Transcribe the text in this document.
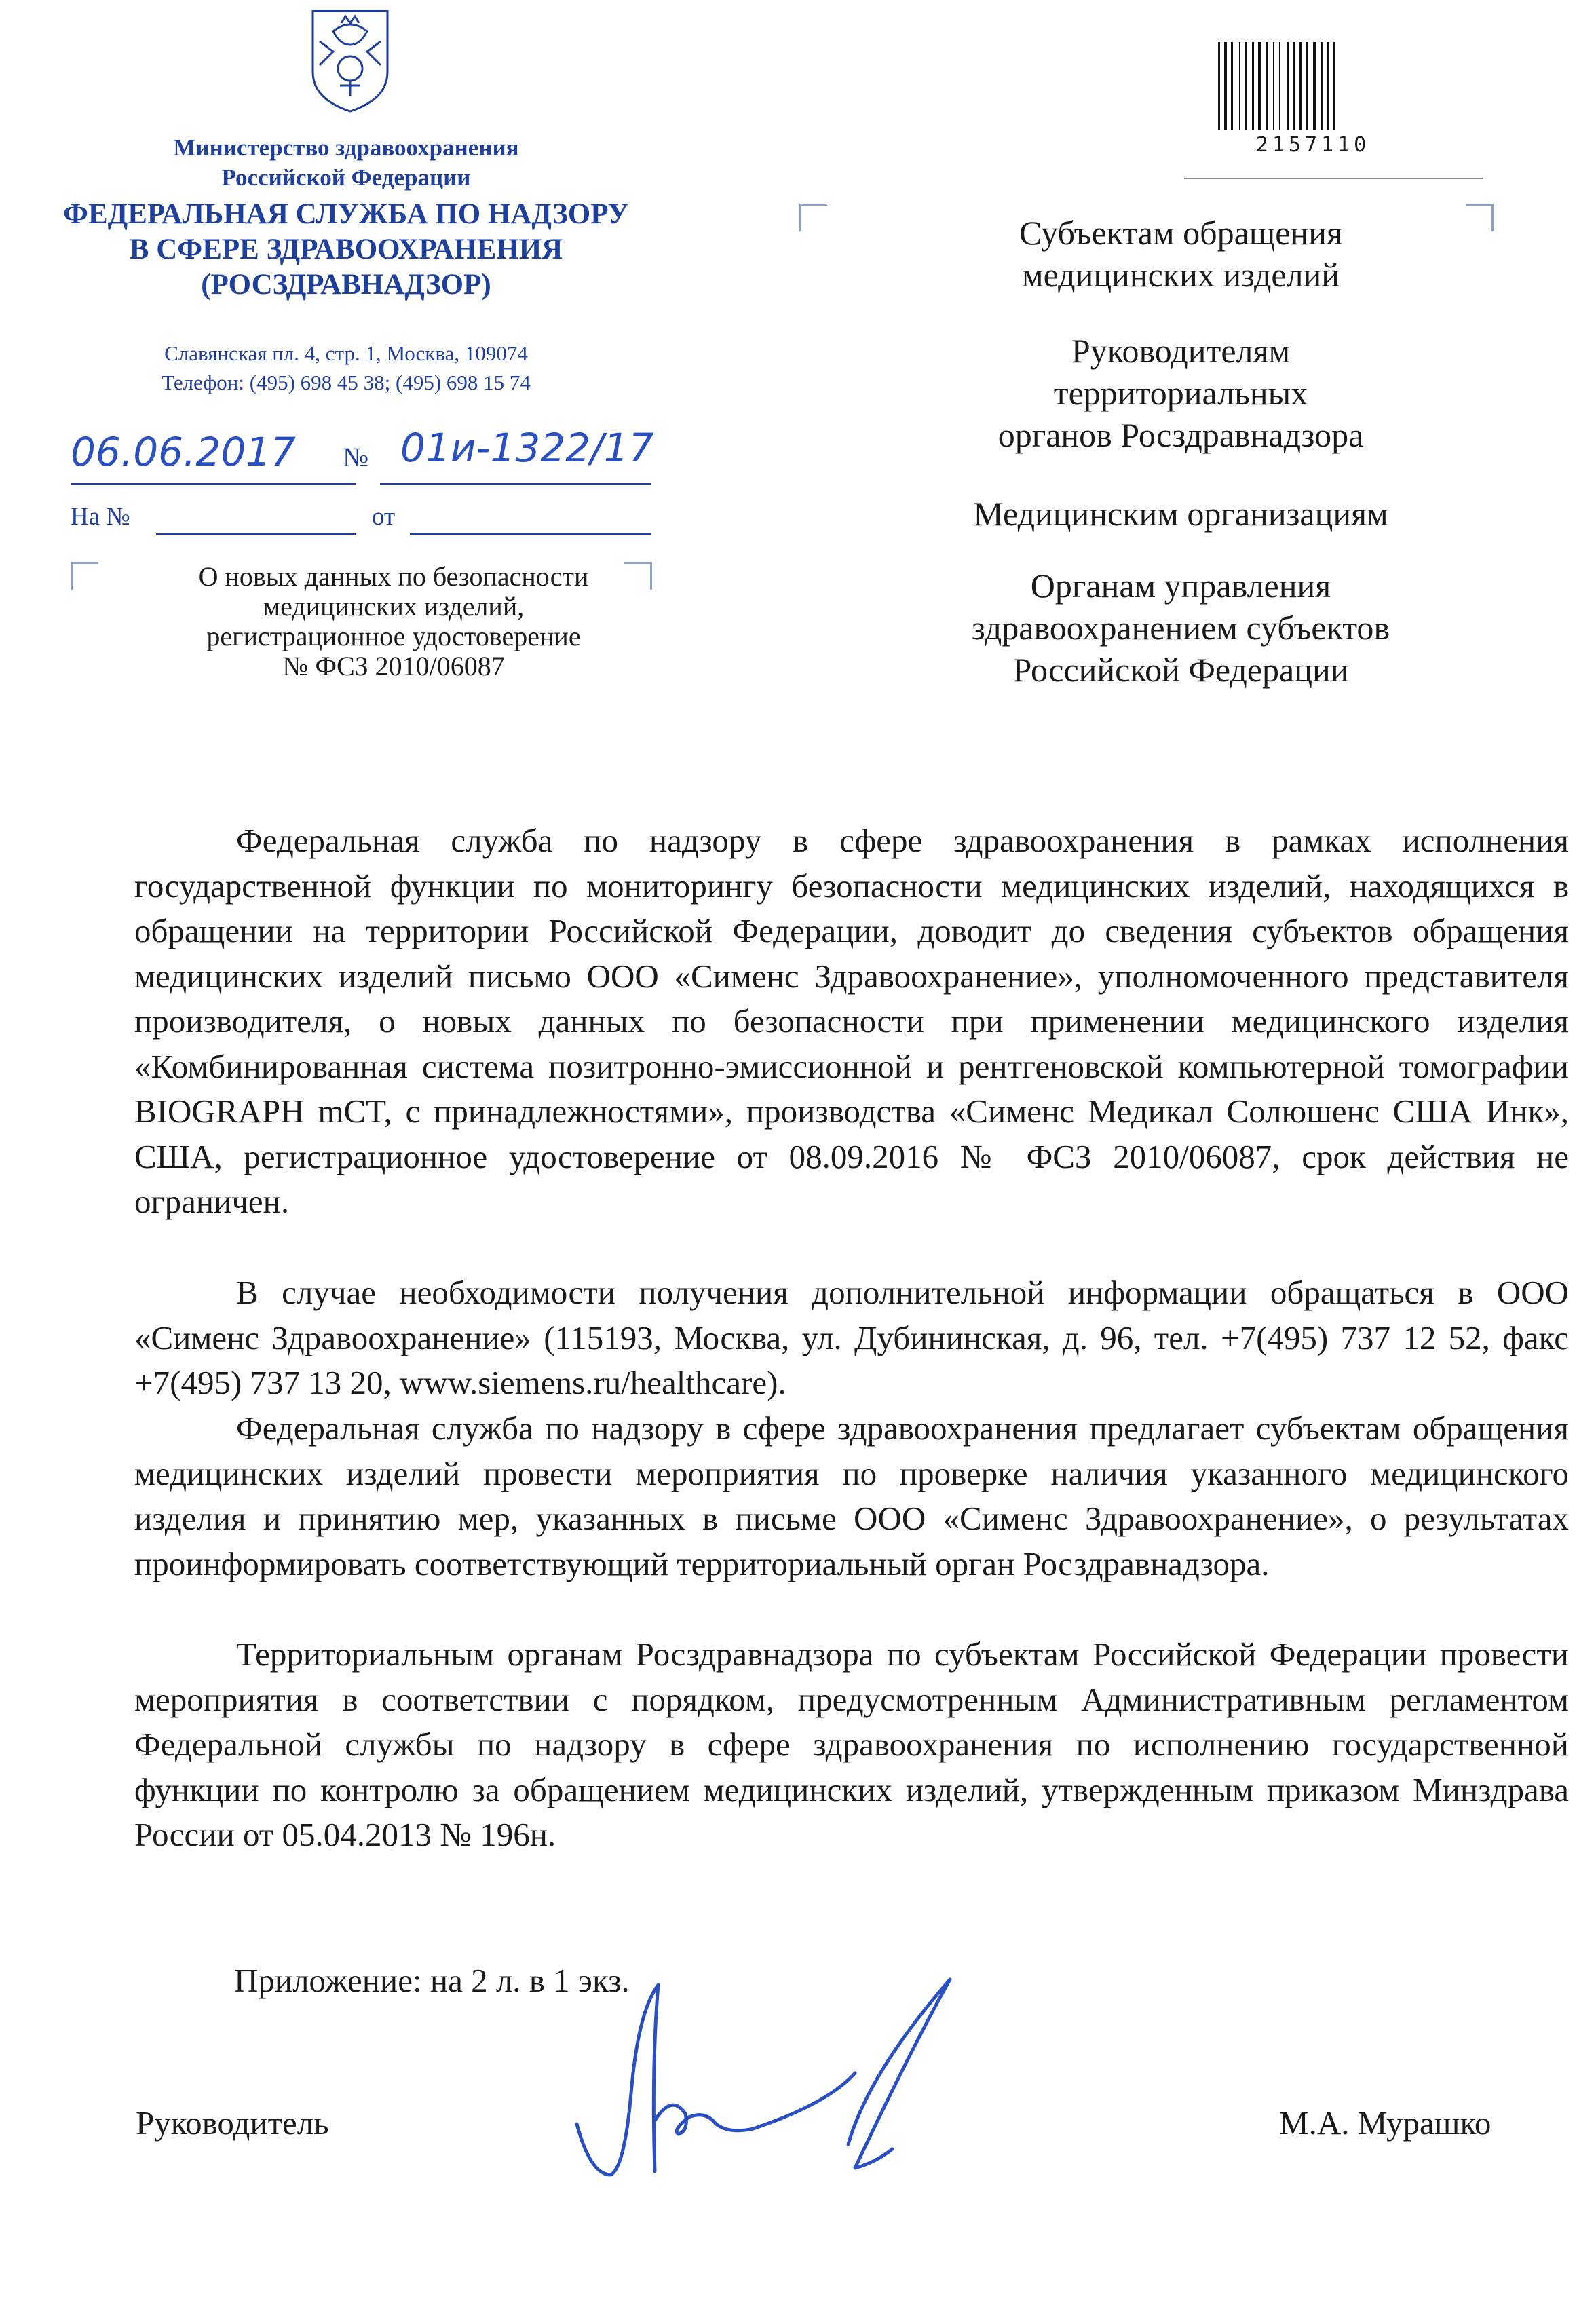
Министерство здравоохранения
Российской Федерации
ФЕДЕРАЛЬНАЯ СЛУЖБА ПО НАДЗОРУ
В СФЕРЕ ЗДРАВООХРАНЕНИЯ
(РОСЗДРАВНАДЗОР)
Славянская пл. 4, стр. 1, Москва, 109074
Телефон: (495) 698 45 38; (495) 698 15 74
06.06.2017 № 01и-1322/17
На №	от
О новых данных по безопасности
медицинских изделий,
регистрационное удостоверение
№ ФСЗ 2010/06087
2157110
Субъектам обращения
медицинских изделий
Руководителям
территориальных
органов Росздравнадзора
Медицинским организациям
Органам управления
здравоохранением субъектов
Российской Федерации

Федеральная служба по надзору в сфере здравоохранения в рамках исполнения государственной функции по мониторингу безопасности медицинских изделий, находящихся в обращении на территории Российской Федерации, доводит до сведения субъектов обращения медицинских изделий письмо ООО «Сименс Здравоохранение», уполномоченного представителя производителя, о новых данных по безопасности при применении медицинского изделия «Комбинированная система позитронно-эмиссионной и рентгеновской компьютерной томографии BIOGRAPH mCT, с принадлежностями», производства «Сименс Медикал Солюшенс США Инк», США, регистрационное удостоверение от 08.09.2016 № ФСЗ 2010/06087, срок действия не ограничен.

В случае необходимости получения дополнительной информации обращаться в ООО «Сименс Здравоохранение» (115193, Москва, ул. Дубининская, д. 96, тел. +7(495) 737 12 52, факс +7(495) 737 13 20, www.siemens.ru/healthcare).

Федеральная служба по надзору в сфере здравоохранения предлагает субъектам обращения медицинских изделий провести мероприятия по проверке наличия указанного медицинского изделия и принятию мер, указанных в письме ООО «Сименс Здравоохранение», о результатах проинформировать соответствующий территориальный орган Росздравнадзора.

Территориальным органам Росздравнадзора по субъектам Российской Федерации провести мероприятия в соответствии с порядком, предусмотренным Административным регламентом Федеральной службы по надзору в сфере здравоохранения по исполнению государственной функции по контролю за обращением медицинских изделий, утвержденным приказом Минздрава России от 05.04.2013 № 196н.

Приложение: на 2 л. в 1 экз.
Руководитель	М.А. Мурашко
